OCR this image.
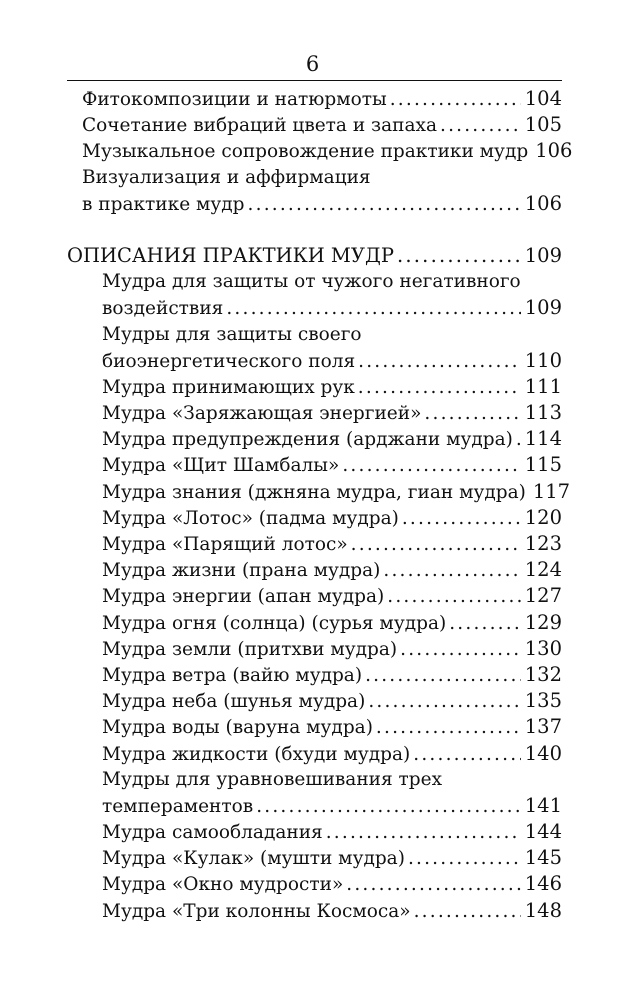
6
Фитокомпозиции и натюрмоты .....	104
Сочетание вибраций цвета и запаха .....	105
Музыкальное сопровождение практики мудр 106
Визуализация и аффирмация
в практике мудр .....	106
ОПИСАНИЯ ПРАКТИКИ МУДР .....	109
Мудра для защиты от чужого негативного
воздействия .....	109
Мудры для защиты своего
биоэнергетического поля .....	110
Мудра принимающих рук .....	111
Мудра «Заряжающая энергией» .....	113
Мудра предупреждения (арджани мудра) ..... 114
Мудра «Щит Шамбалы» .....	115
Мудра знания (джняна мудра, гиан мудра) 117
Мудра «Лотос» (падма мудра) .....	120
Мудра «Парящий лотос» .....	123
Мудра жизни (прана мудра) .....	124
Мудра энергии (апан мудра) .....	127
Мудра огня (солнца) (сурья мудра) .....	129
Мудра земли (притхви мудра) .....	130
Мудра ветра (вайю мудра) .....	132
Мудра неба (шунья мудра) .....	135
Мудра воды (варуна мудра) .....	137
Мудра жидкости (бхуди мудра) .....	140
Мудры для уравновешивания трех
темпераментов .....	141
Мудра самообладания .....	144
Мудра «Кулак» (мушти мудра) .....	145
Мудра «Окно мудрости» .....	146
Мудра «Три колонны Космоса» .....	148
